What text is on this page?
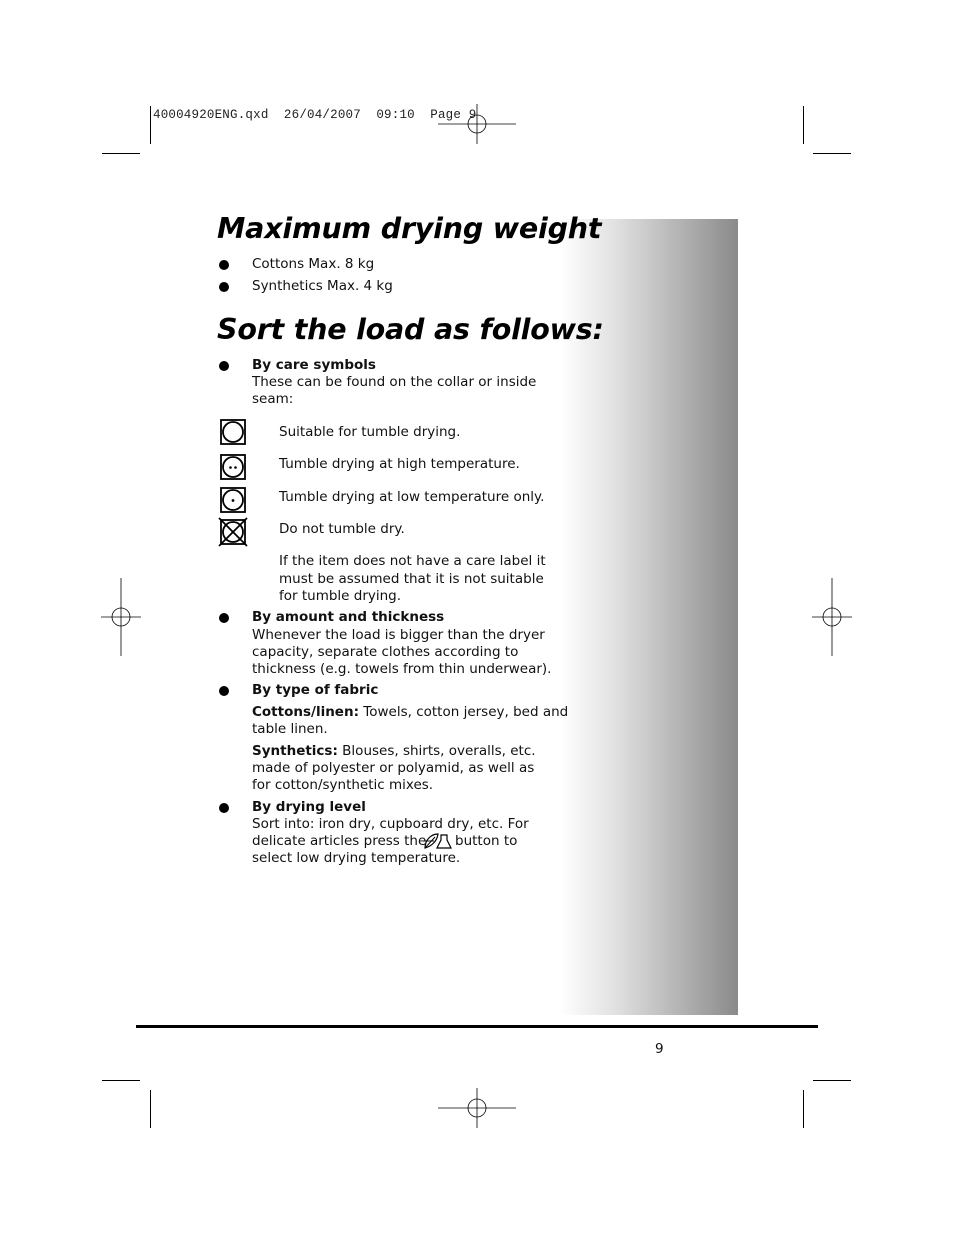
40004920ENG.qxd  26/04/2007  09:10  Page 9
Maximum drying weight
Cottons Max. 8 kg
Synthetics Max. 4 kg
Sort the load as follows:
By care symbols
These can be found on the collar or inside
seam:
Suitable for tumble drying.
Tumble drying at high temperature.
Tumble drying at low temperature only.
Do not tumble dry.
If the item does not have a care label it
must be assumed that it is not suitable
for tumble drying.
By amount and thickness
Whenever the load is bigger than the dryer
capacity, separate clothes according to
thickness (e.g. towels from thin underwear).
By type of fabric
Cottons/linen: Towels, cotton jersey, bed and
table linen.
Synthetics: Blouses, shirts, overalls, etc.
made of polyester or polyamid, as well as
for cotton/synthetic mixes.
By drying level
Sort into: iron dry, cupboard dry, etc. For
delicate articles press the button to
select low drying temperature.
9
